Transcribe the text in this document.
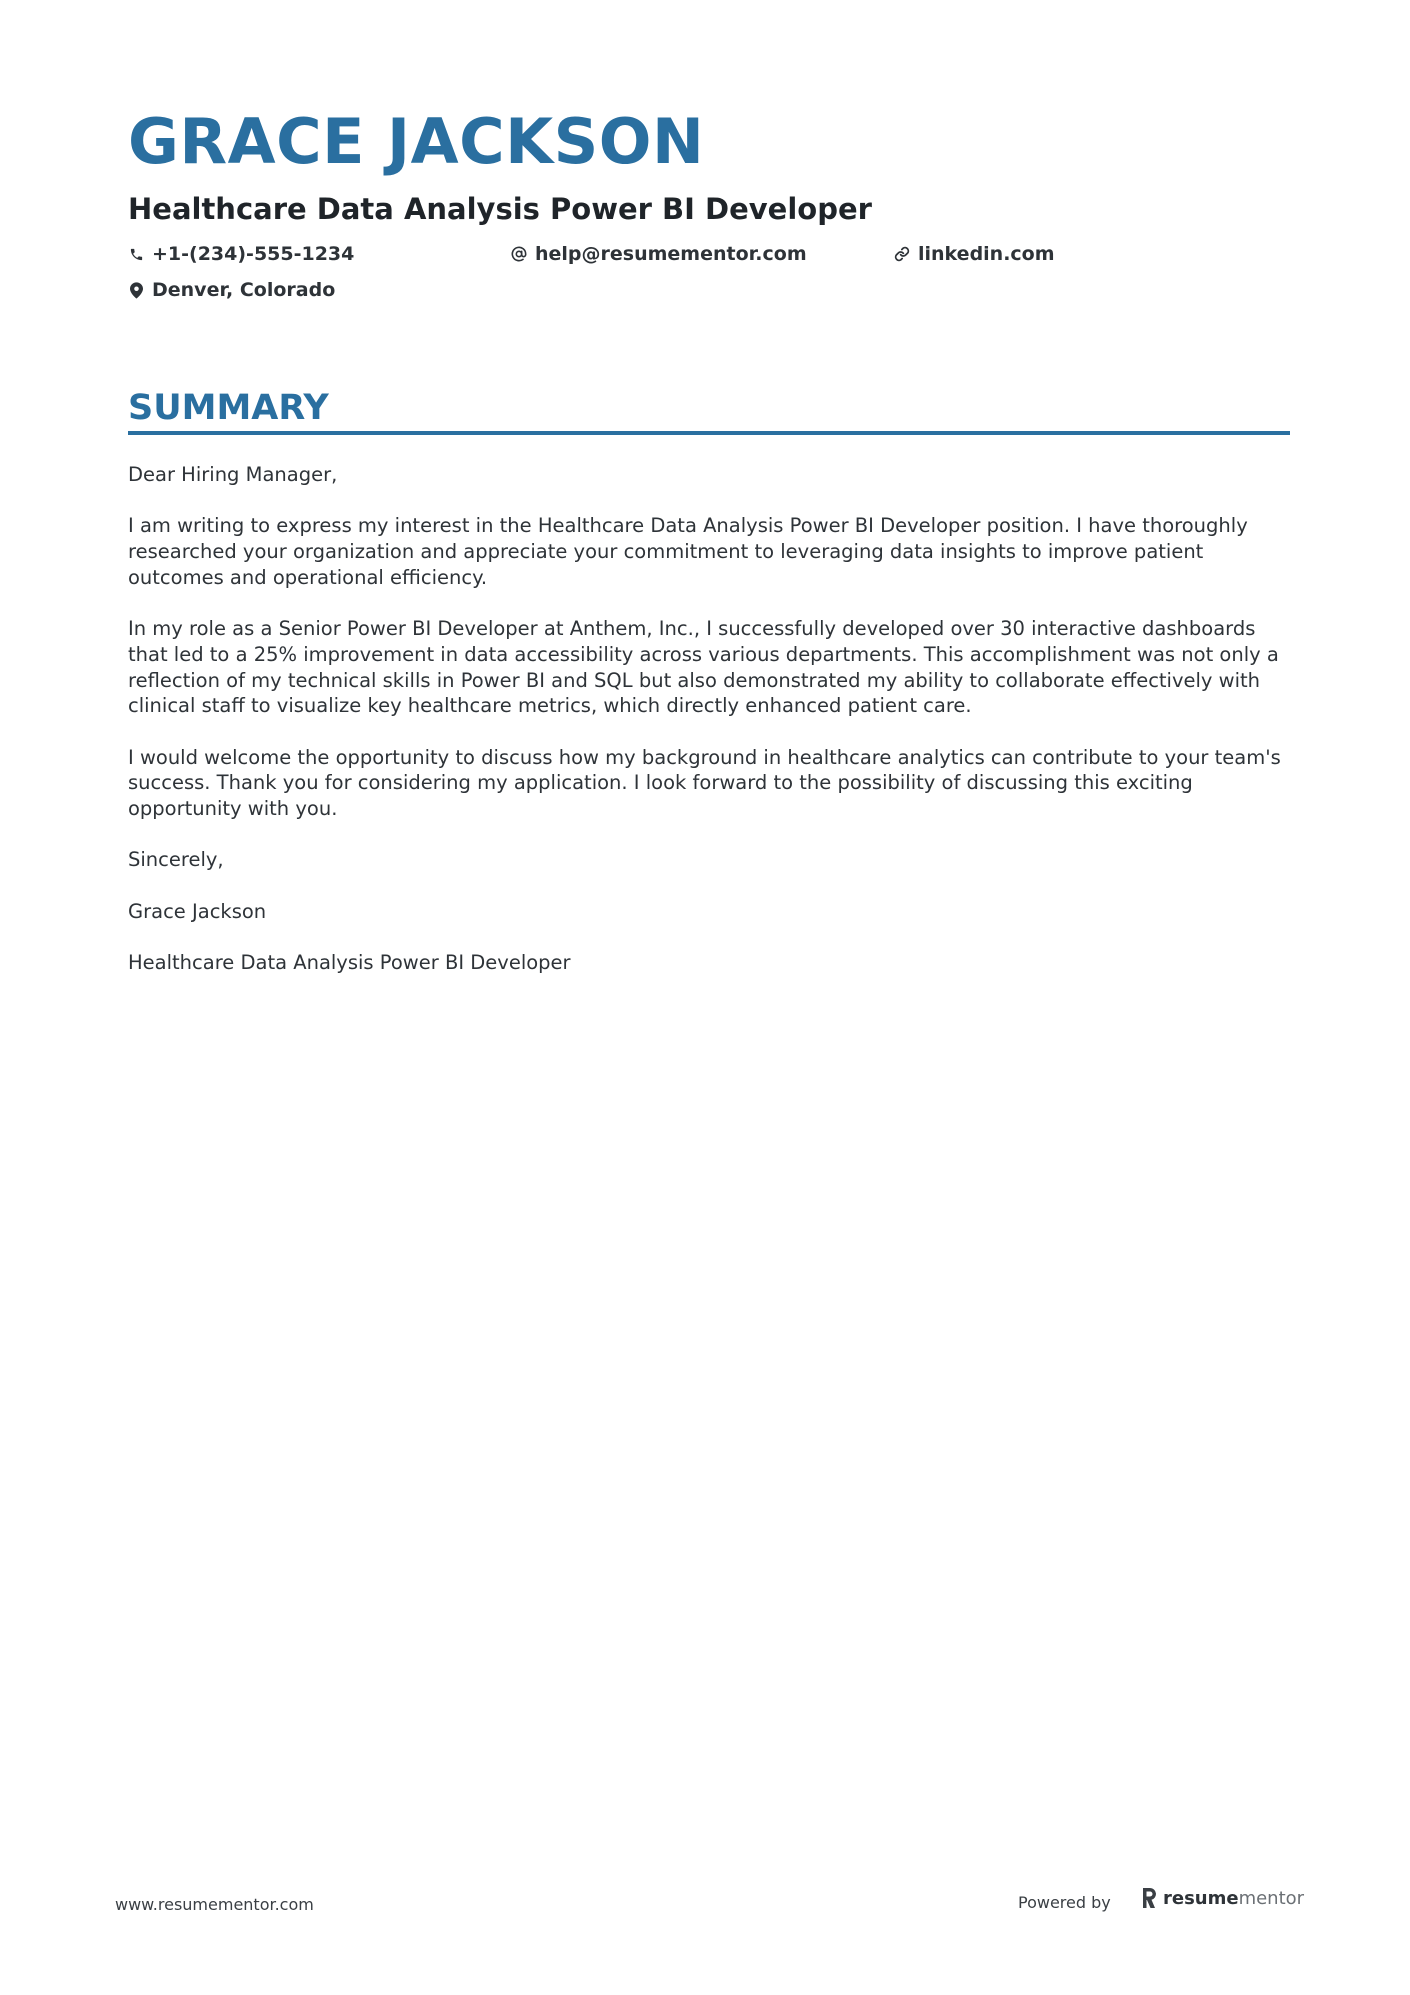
GRACE JACKSON
Healthcare Data Analysis Power BI Developer
+1-(234)-555-1234	help@resumementor.com	linkedin.com
Denver, Colorado
SUMMARY

Dear Hiring Manager,

I am writing to express my interest in the Healthcare Data Analysis Power BI Developer position. I have thoroughly researched your organization and appreciate your commitment to leveraging data insights to improve patient outcomes and operational efficiency.

In my role as a Senior Power BI Developer at Anthem, Inc., I successfully developed over 30 interactive dashboards that led to a 25% improvement in data accessibility across various departments. This accomplishment was not only a reflection of my technical skills in Power BI and SQL but also demonstrated my ability to collaborate effectively with clinical staff to visualize key healthcare metrics, which directly enhanced patient care.

I would welcome the opportunity to discuss how my background in healthcare analytics can contribute to your team's success. Thank you for considering my application. I look forward to the possibility of discussing this exciting opportunity with you.

Sincerely,

Grace Jackson

Healthcare Data Analysis Power BI Developer

www.resumementor.com	Powered by	resumementor
